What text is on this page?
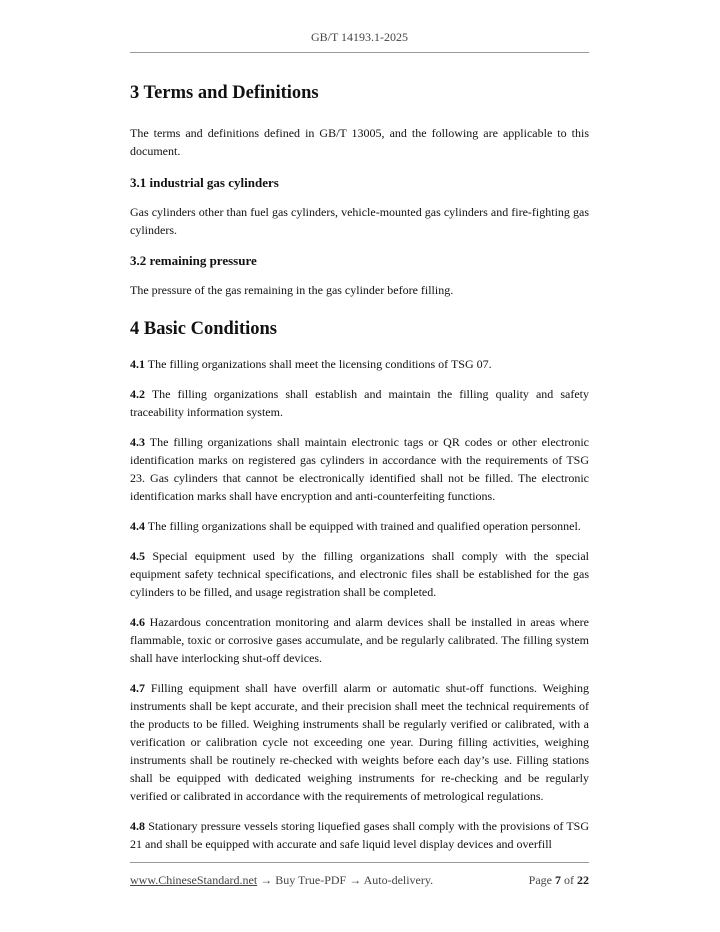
GB/T 14193.1-2025
3 Terms and Definitions

The terms and definitions defined in GB/T 13005, and the following are applicable to this document.

3.1 industrial gas cylinders

Gas cylinders other than fuel gas cylinders, vehicle-mounted gas cylinders and fire-fighting gas cylinders.

3.2 remaining pressure

The pressure of the gas remaining in the gas cylinder before filling.

4 Basic Conditions

4.1 The filling organizations shall meet the licensing conditions of TSG 07.

4.2 The filling organizations shall establish and maintain the filling quality and safety traceability information system.

4.3 The filling organizations shall maintain electronic tags or QR codes or other electronic identification marks on registered gas cylinders in accordance with the requirements of TSG 23. Gas cylinders that cannot be electronically identified shall not be filled. The electronic identification marks shall have encryption and anti-counterfeiting functions.

4.4 The filling organizations shall be equipped with trained and qualified operation personnel.

4.5 Special equipment used by the filling organizations shall comply with the special equipment safety technical specifications, and electronic files shall be established for the gas cylinders to be filled, and usage registration shall be completed.

4.6 Hazardous concentration monitoring and alarm devices shall be installed in areas where flammable, toxic or corrosive gases accumulate, and be regularly calibrated. The filling system shall have interlocking shut-off devices.

4.7 Filling equipment shall have overfill alarm or automatic shut-off functions. Weighing instruments shall be kept accurate, and their precision shall meet the technical requirements of the products to be filled. Weighing instruments shall be regularly verified or calibrated, with a verification or calibration cycle not exceeding one year. During filling activities, weighing instruments shall be routinely re-checked with weights before each day’s use. Filling stations shall be equipped with dedicated weighing instruments for re-checking and be regularly verified or calibrated in accordance with the requirements of metrological regulations.

4.8 Stationary pressure vessels storing liquefied gases shall comply with the provisions of TSG 21 and shall be equipped with accurate and safe liquid level display devices and overfill

www.ChineseStandard.net → Buy True-PDF → Auto-delivery.	Page 7 of 22
